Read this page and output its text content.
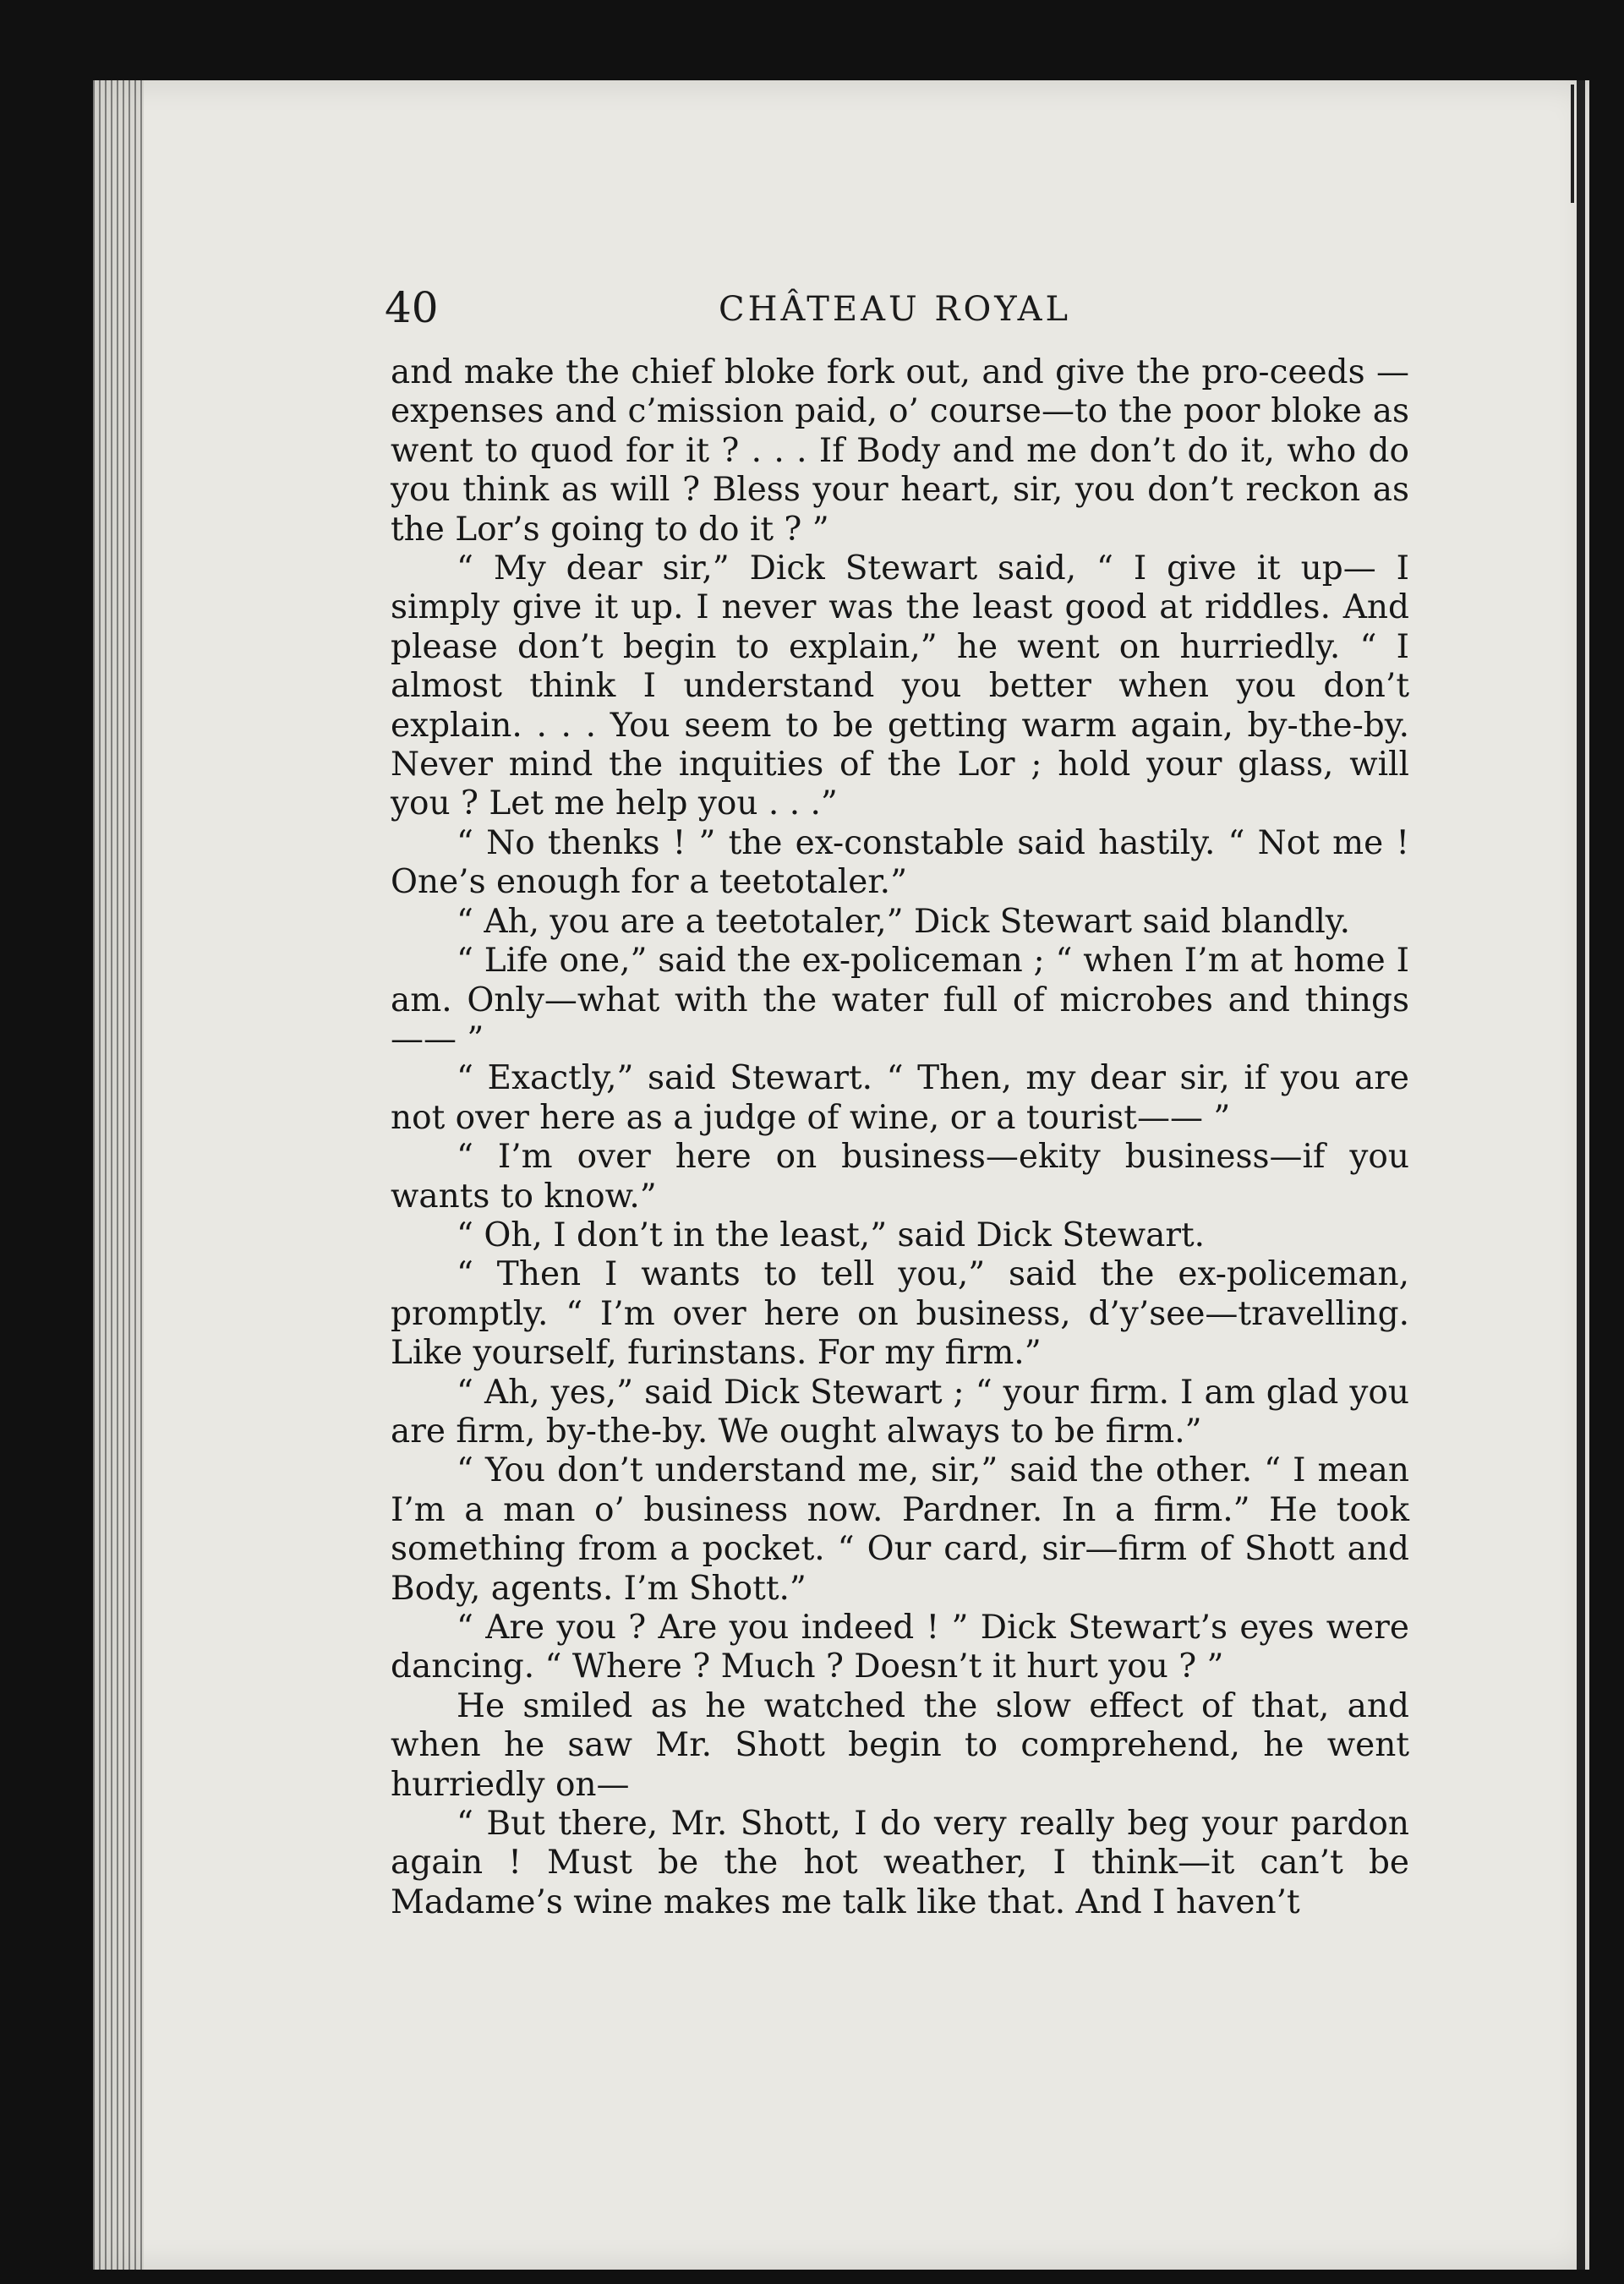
40	CHÂTEAU ROYAL

and make the chief bloke fork out, and give the pro-ceeds —expenses and c’mission paid, o’ course—to the poor bloke as went to quod for it ? . . . If Body and me don’t do it, who do you think as will ? Bless your heart, sir, you don’t reckon as the Lor’s going to do it ? ”

“ My dear sir,” Dick Stewart said, “ I give it up— I simply give it up. I never was the least good at riddles. And please don’t begin to explain,” he went on hurriedly. “ I almost think I understand you better when you don’t explain. . . . You seem to be getting warm again, by-the-by. Never mind the inquities of the Lor ; hold your glass, will you ? Let me help you . . .”

“ No thenks ! ” the ex-constable said hastily. “ Not me ! One’s enough for a teetotaler.”

“ Ah, you are a teetotaler,” Dick Stewart said blandly.

“ Life one,” said the ex-policeman ; “ when I’m at home I am. Only—what with the water full of microbes and things—— ”

“ Exactly,” said Stewart. “ Then, my dear sir, if you are not over here as a judge of wine, or a tourist—— ”

“ I’m over here on business—ekity business—if you wants to know.”

“ Oh, I don’t in the least,” said Dick Stewart.

“ Then I wants to tell you,” said the ex-policeman, promptly. “ I’m over here on business, d’y’see—travelling. Like yourself, furinstans. For my firm.”

“ Ah, yes,” said Dick Stewart ; “ your firm. I am glad you are firm, by-the-by. We ought always to be firm.”

“ You don’t understand me, sir,” said the other. “ I mean I’m a man o’ business now. Pardner. In a firm.” He took something from a pocket. “ Our card, sir—firm of Shott and Body, agents. I’m Shott.”

“ Are you ? Are you indeed ! ” Dick Stewart’s eyes were dancing. “ Where ? Much ? Doesn’t it hurt you ? ”

He smiled as he watched the slow effect of that, and when he saw Mr. Shott begin to comprehend, he went hurriedly on—

“ But there, Mr. Shott, I do very really beg your pardon again ! Must be the hot weather, I think—it can’t be Madame’s wine makes me talk like that. And I haven’t
